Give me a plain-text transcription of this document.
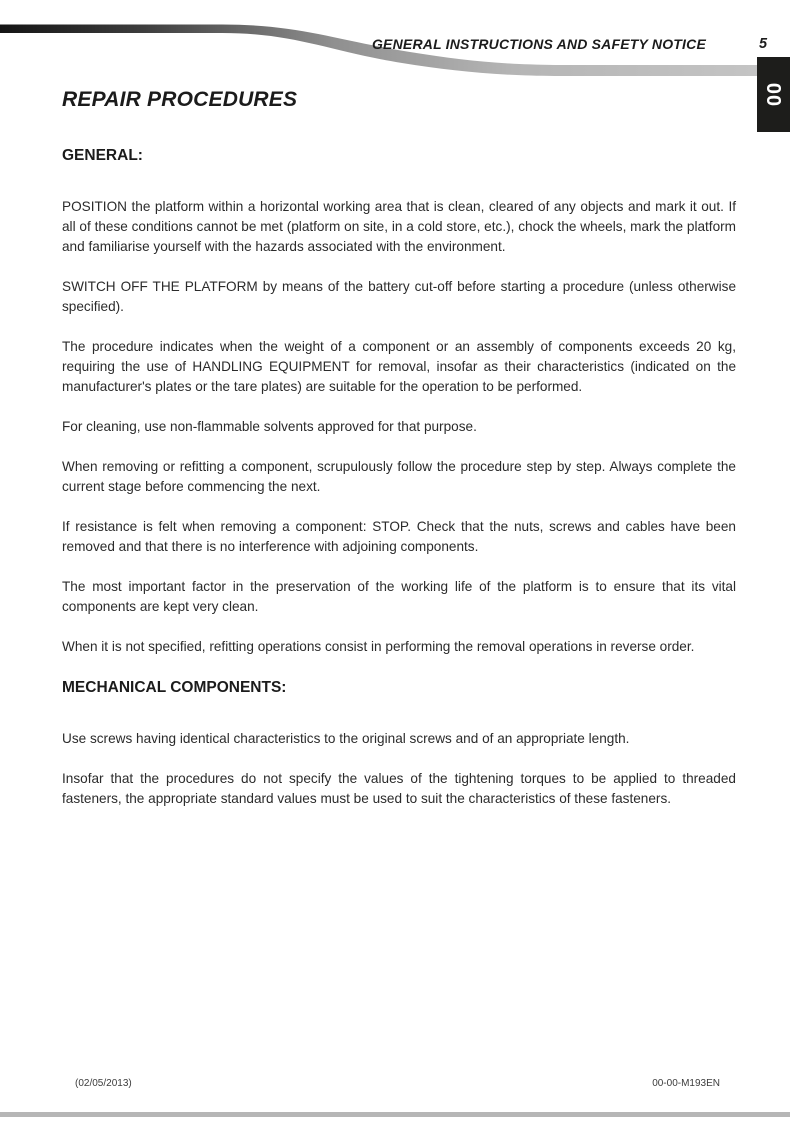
GENERAL INSTRUCTIONS AND SAFETY NOTICE	5
00
REPAIR PROCEDURES
GENERAL:

POSITION the platform within a horizontal working area that is clean, cleared of any objects and mark it out. If all of these conditions cannot be met (platform on site, in a cold store, etc.), chock the wheels, mark the platform and familiarise yourself with the hazards associated with the environment.

SWITCH OFF THE PLATFORM by means of the battery cut-off before starting a procedure (unless otherwise specified).

The procedure indicates when the weight of a component or an assembly of components exceeds 20 kg, requiring the use of HANDLING EQUIPMENT for removal, insofar as their characteristics (indicated on the manufacturer's plates or the tare plates) are suitable for the operation to be performed.

For cleaning, use non-flammable solvents approved for that purpose.

When removing or refitting a component, scrupulously follow the procedure step by step. Always complete the current stage before commencing the next.

If resistance is felt when removing a component: STOP. Check that the nuts, screws and cables have been removed and that there is no interference with adjoining components.

The most important factor in the preservation of the working life of the platform is to ensure that its vital components are kept very clean.

When it is not specified, refitting operations consist in performing the removal operations in reverse order.

MECHANICAL COMPONENTS:

Use screws having identical characteristics to the original screws and of an appropriate length.

Insofar that the procedures do not specify the values of the tightening torques to be applied to threaded fasteners, the appropriate standard values must be used to suit the characteristics of these fasteners.

(02/05/2013)	00-00-M193EN
